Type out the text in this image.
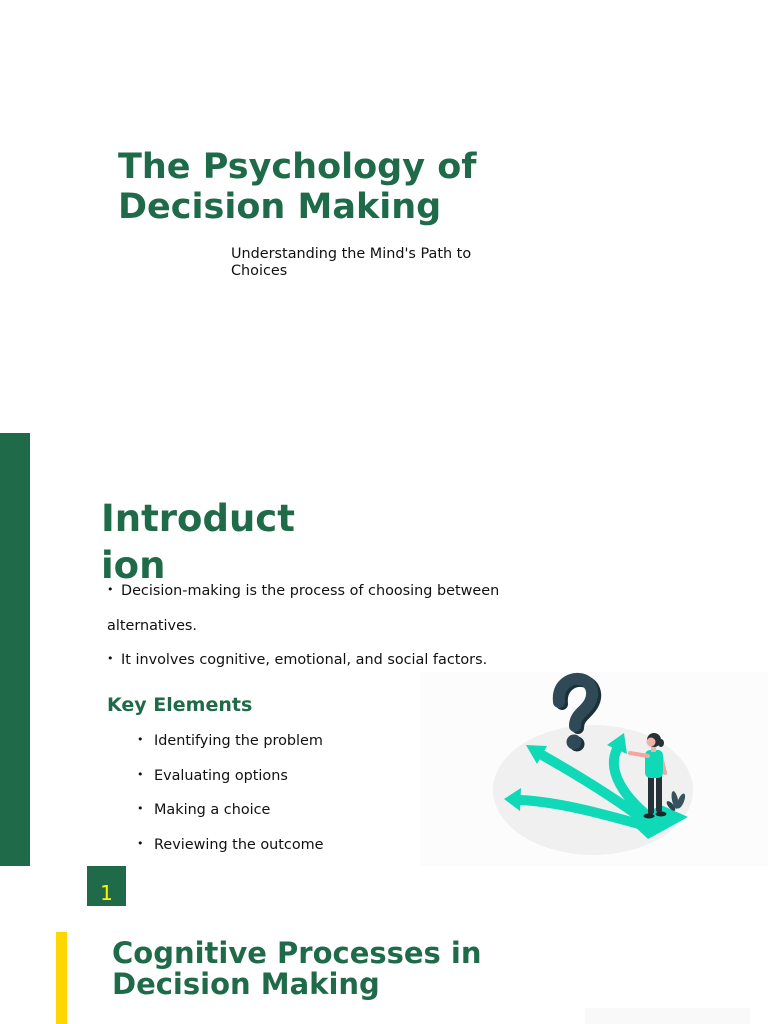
The Psychology of Decision Making

Understanding the Mind's Path to Choices

Introduction
• Decision-making is the process of choosing between alternatives.
• It involves cognitive, emotional, and social factors.
Key Elements
• Identifying the problem
• Evaluating options
• Making a choice
• Reviewing the outcome
1
Cognitive Processes in Decision Making
